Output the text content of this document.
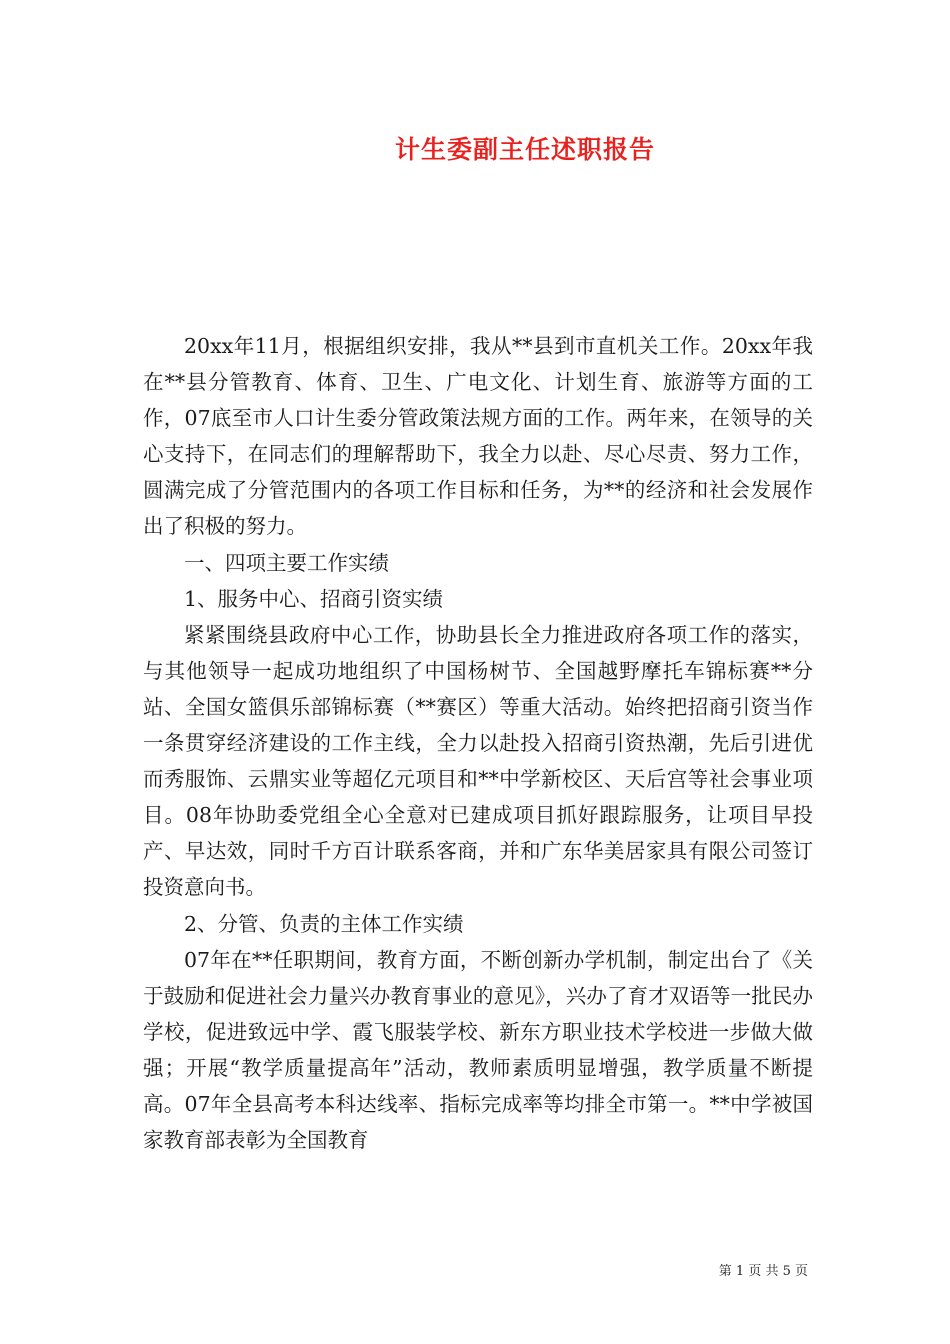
计生委副主任述职报告

20xx年11月，根据组织安排，我从**县到市直机关工作。20xx年我在**县分管教育、体育、卫生、广电文化、计划生育、旅游等方面的工作，07底至市人口计生委分管政策法规方面的工作。两年来，在领导的关心支持下，在同志们的理解帮助下，我全力以赴、尽心尽责、努力工作，圆满完成了分管范围内的各项工作目标和任务，为**的经济和社会发展作出了积极的努力。

一、四项主要工作实绩

1、服务中心、招商引资实绩

紧紧围绕县政府中心工作，协助县长全力推进政府各项工作的落实，与其他领导一起成功地组织了中国杨树节、全国越野摩托车锦标赛**分站、全国女篮俱乐部锦标赛（**赛区）等重大活动。始终把招商引资当作一条贯穿经济建设的工作主线，全力以赴投入招商引资热潮，先后引进优而秀服饰、云鼎实业等超亿元项目和**中学新校区、天后宫等社会事业项目。08年协助委党组全心全意对已建成项目抓好跟踪服务，让项目早投产、早达效，同时千方百计联系客商，并和广东华美居家具有限公司签订投资意向书。

2、分管、负责的主体工作实绩

07年在**任职期间，教育方面，不断创新办学机制，制定出台了《关于鼓励和促进社会力量兴办教育事业的意见》，兴办了育才双语等一批民办学校，促进致远中学、霞飞服装学校、新东方职业技术学校进一步做大做强；开展“教学质量提高年”活动，教师素质明显增强，教学质量不断提高。07年全县高考本科达线率、指标完成率等均排全市第一。**中学被国家教育部表彰为全国教育

第 1 页 共 5 页
